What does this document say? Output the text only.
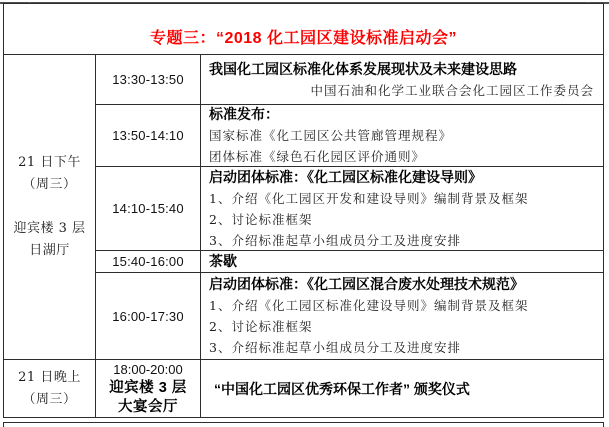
专题三：“2018 化工园区建设标准启动会”
21 日下午
（周三）
迎宾楼 3 层
日湖厅
13:30-13:50
我国化工园区标准化体系发展现状及未来建设思路
中国石油和化学工业联合会化工园区工作委员会
13:50-14:10
标准发布：
国家标准《化工园区公共管廊管理规程》
团体标准《绿色石化园区评价通则》
14:10-15:40
启动团体标准：《化工园区标准化建设导则》
1、介绍《化工园区开发和建设导则》编制背景及框架
2、讨论标准框架
3、介绍标准起草小组成员分工及进度安排
15:40-16:00	茶歇
16:00-17:30
启动团体标准：《化工园区混合废水处理技术规范》
1、介绍《化工园区标准化建设导则》编制背景及框架
2、讨论标准框架
3、介绍标准起草小组成员分工及进度安排
21 日晚上
（周三）
18:00-20:00
迎宾楼 3 层
大宴会厅
“中国化工园区优秀环保工作者” 颁奖仪式
